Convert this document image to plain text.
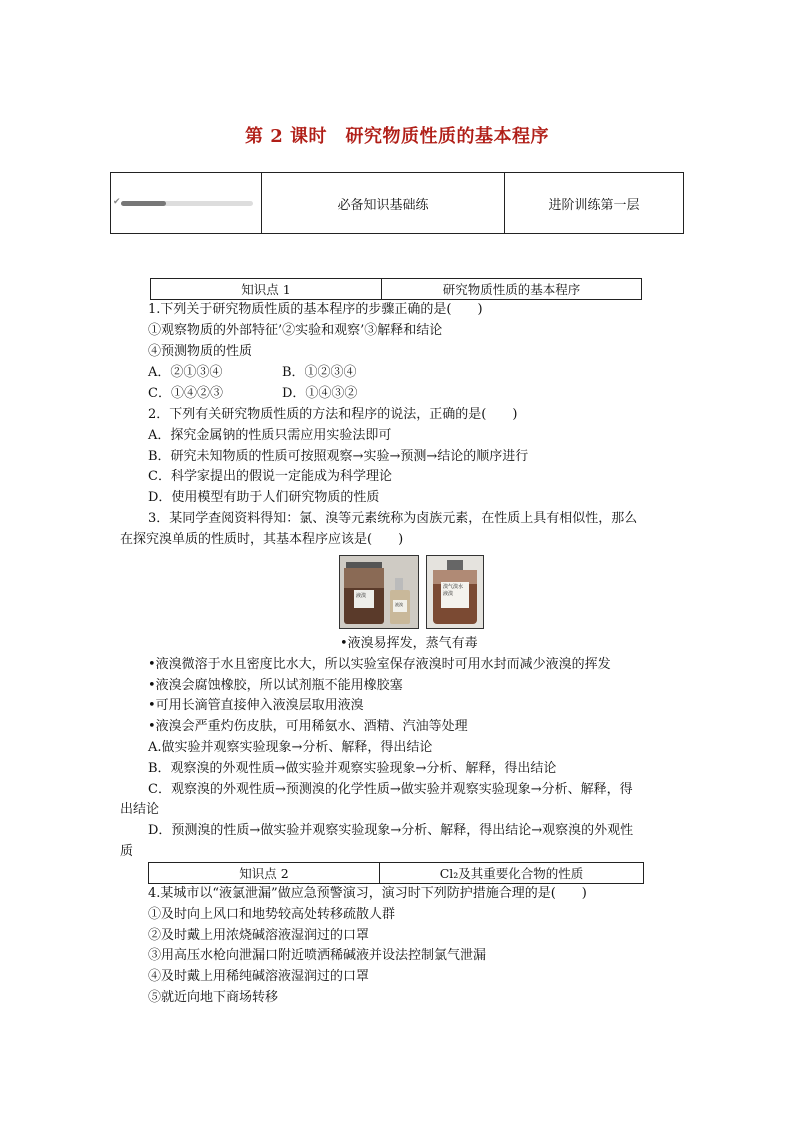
第 2 课时　研究物质性质的基本程序
✔	必备知识基础练	进阶训练第一层
知识点 1	研究物质性质的基本程序
1.下列关于研究物质性质的基本程序的步骤正确的是(　　)
①观察物质的外部特征’②实验和观察’③解释和结论
④预测物质的性质
A．②①③④	B．①②③④
C．①④②③	D．①④③②
2．下列有关研究物质性质的方法和程序的说法，正确的是(　　)
A．探究金属钠的性质只需应用实验法即可
B．研究未知物质的性质可按照观察→实验→预测→结论的顺序进行
C．科学家提出的假说一定能成为科学理论
D．使用模型有助于人们研究物质的性质
3．某同学查阅资料得知：氯、溴等元素统称为卤族元素，在性质上具有相似性，那么
在探究溴单质的性质时，其基本程序应该是(　　)
液溴
液溴
溴气溴水液溴
•液溴易挥发，蒸气有毒
•液溴微溶于水且密度比水大，所以实验室保存液溴时可用水封而减少液溴的挥发
•液溴会腐蚀橡胶，所以试剂瓶不能用橡胶塞
•可用长滴管直接伸入液溴层取用液溴
•液溴会严重灼伤皮肤，可用稀氨水、酒精、汽油等处理
A.做实验并观察实验现象→分析、解释，得出结论
B．观察溴的外观性质→做实验并观察实验现象→分析、解释，得出结论
C．观察溴的外观性质→预测溴的化学性质→做实验并观察实验现象→分析、解释，得
出结论
D．预测溴的性质→做实验并观察实验现象→分析、解释，得出结论→观察溴的外观性
质
知识点 2	Cl₂及其重要化合物的性质
4.某城市以“液氯泄漏”做应急预警演习，演习时下列防护措施合理的是(　　)
①及时向上风口和地势较高处转移疏散人群
②及时戴上用浓烧碱溶液湿润过的口罩
③用高压水枪向泄漏口附近喷洒稀碱液并设法控制氯气泄漏
④及时戴上用稀纯碱溶液湿润过的口罩
⑤就近向地下商场转移
